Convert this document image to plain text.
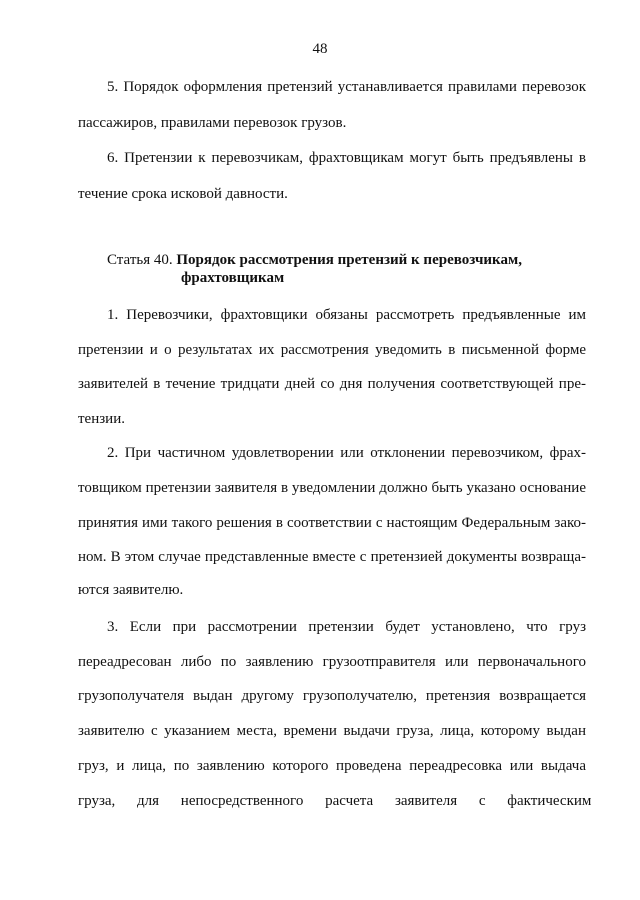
48
5. Порядок оформления претензий устанавливается правилами перевозок
пассажиров, правилами перевозок грузов.
6. Претензии к перевозчикам, фрахтовщикам могут быть предъявлены в
течение срока исковой давности.
Статья 40. Порядок рассмотрения претензий к перевозчикам,
фрахтовщикам
1. Перевозчики, фрахтовщики обязаны рассмотреть предъявленные им
претензии и о результатах их рассмотрения уведомить в письменной форме
заявителей в течение тридцати дней со дня получения соответствующей пре-
тензии.
2. При частичном удовлетворении или отклонении перевозчиком, фрах-
товщиком претензии заявителя в уведомлении должно быть указано основание
принятия ими такого решения в соответствии с настоящим Федеральным зако-
ном. В этом случае представленные вместе с претензией документы возвраща-
ются заявителю.
3. Если при рассмотрении претензии будет установлено, что груз
переадресован либо по заявлению грузоотправителя или первоначального
грузополучателя выдан другому грузополучателю, претензия возвращается
заявителю с указанием места, времени выдачи груза, лица, которому выдан
груз, и лица, по заявлению которого проведена переадресовка или выдача
груза, для непосредственного расчета заявителя с фактическим
